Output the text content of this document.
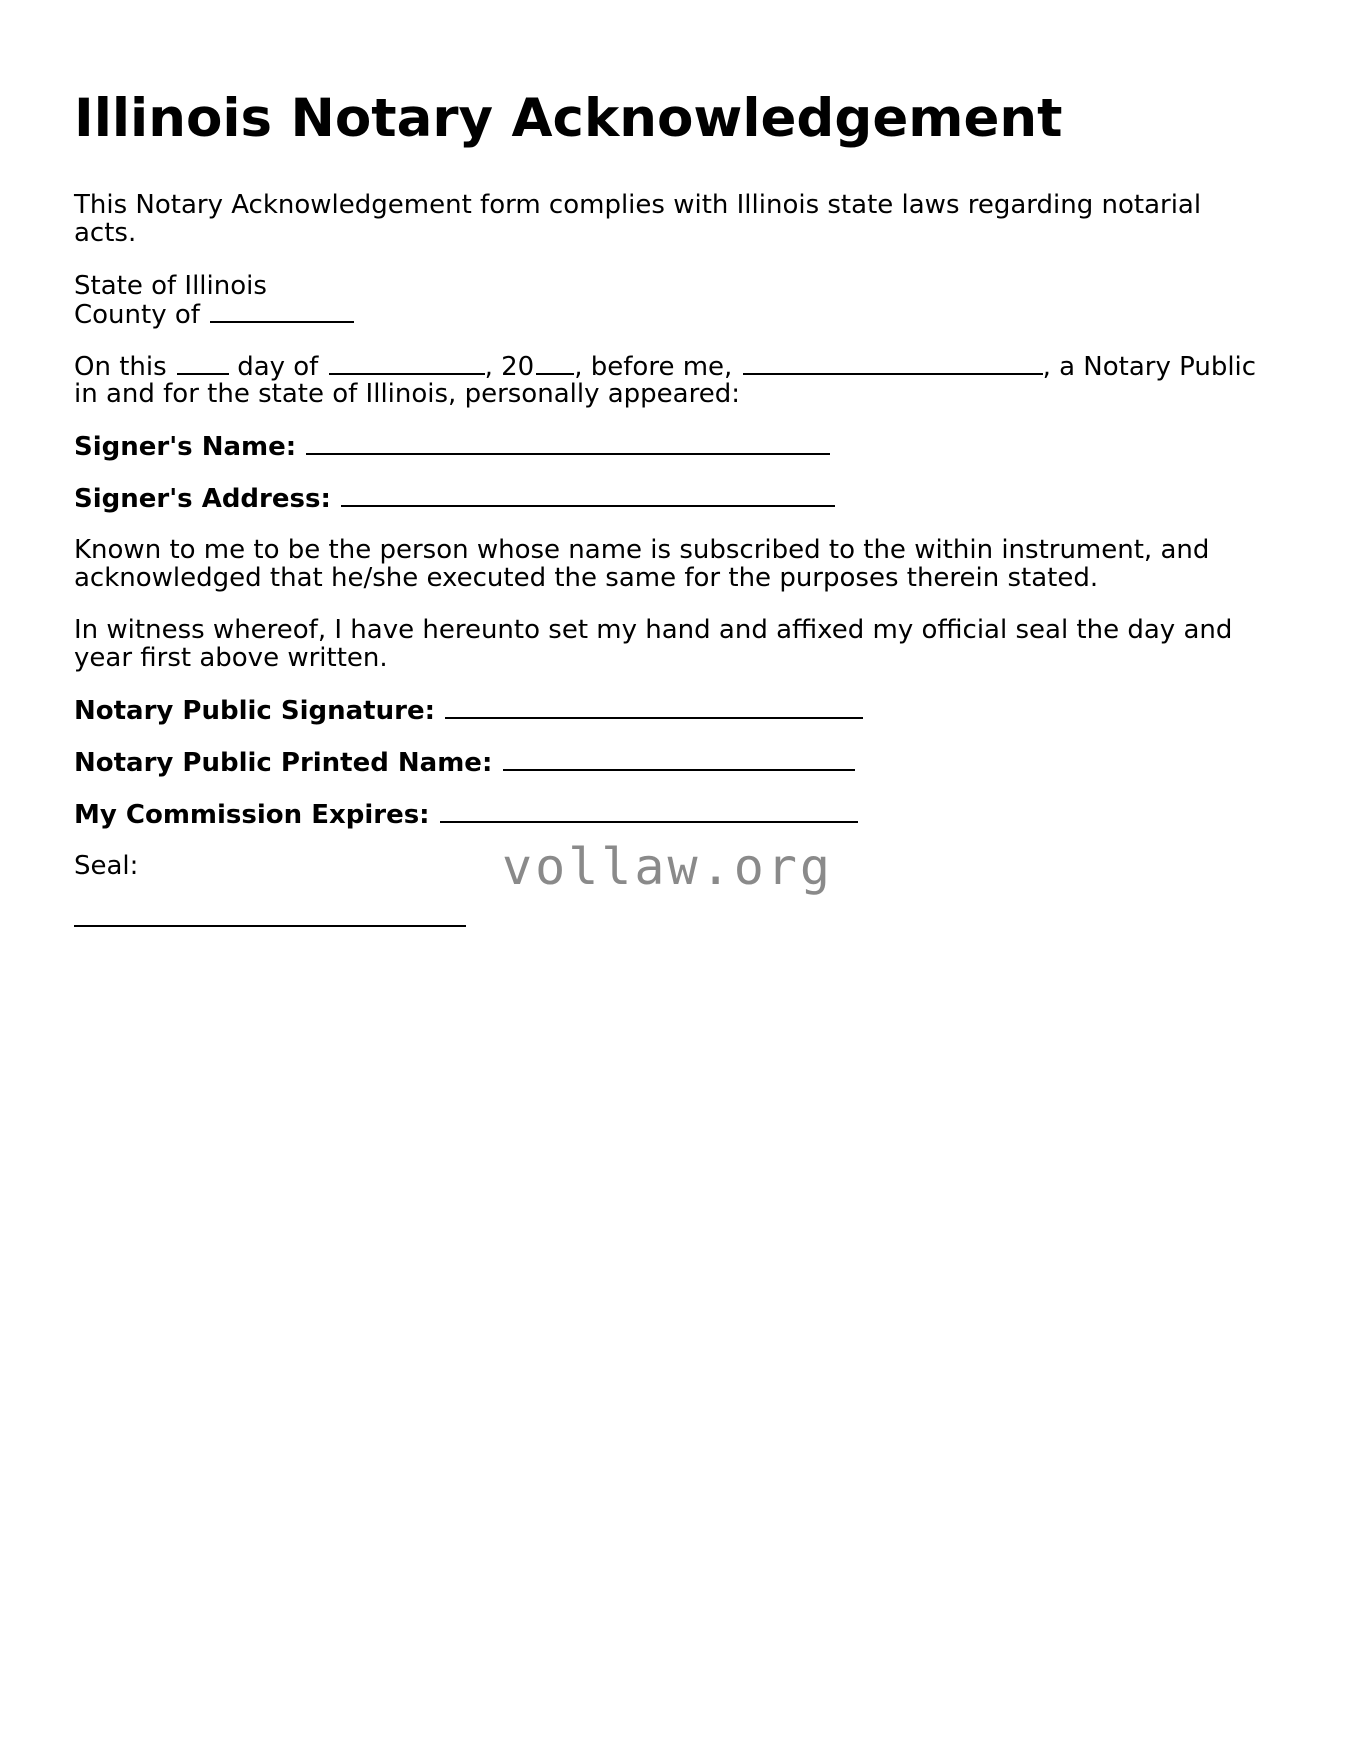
Illinois Notary Acknowledgement
This Notary Acknowledgement form complies with Illinois state laws regarding notarial
acts.
State of Illinois
County of
On this	day of	, 20 , before me,	, a Notary Public
in and for the state of Illinois, personally appeared:
Signer's Name:
Signer's Address:
Known to me to be the person whose name is subscribed to the within instrument, and
acknowledged that he/she executed the same for the purposes therein stated.
In witness whereof, I have hereunto set my hand and affixed my official seal the day and
year first above written.
Notary Public Signature:
Notary Public Printed Name:
My Commission Expires:
Seal:	vollaw.org
